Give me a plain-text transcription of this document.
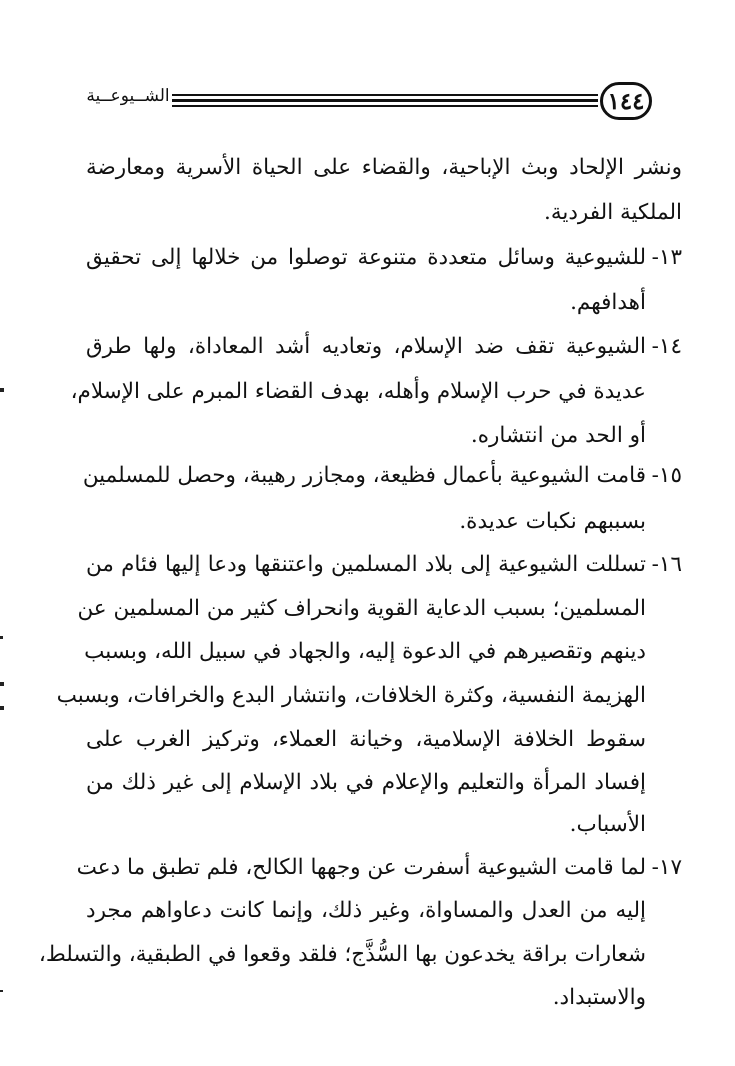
١٤٤
الشــيوعــية
ونشر الإلحاد وبث الإباحية، والقضاء على الحياة الأسرية ومعارضة
الملكية الفردية.
١٣-
للشيوعية وسائل متعددة متنوعة توصلوا من خلالها إلى تحقيق
أهدافهم.
١٤-
الشيوعية تقف ضد الإسلام، وتعاديه أشد المعاداة، ولها طرق
عديدة في حرب الإسلام وأهله، بهدف القضاء المبرم على الإسلام،
أو الحد من انتشاره.
١٥-
قامت الشيوعية بأعمال فظيعة، ومجازر رهيبة، وحصل للمسلمين
بسببهم نكبات عديدة.
١٦-
تسللت الشيوعية إلى بلاد المسلمين واعتنقها ودعا إليها فئام من
المسلمين؛ بسبب الدعاية القوية وانحراف كثير من المسلمين عن
دينهم وتقصيرهم في الدعوة إليه، والجهاد في سبيل الله، وبسبب
الهزيمة النفسية، وكثرة الخلافات، وانتشار البدع والخرافات، وبسبب
سقوط الخلافة الإسلامية، وخيانة العملاء، وتركيز الغرب على
إفساد المرأة والتعليم والإعلام في بلاد الإسلام إلى غير ذلك من
الأسباب.
١٧-
لما قامت الشيوعية أسفرت عن وجهها الكالح، فلم تطبق ما دعت
إليه من العدل والمساواة، وغير ذلك، وإنما كانت دعاواهم مجرد
شعارات براقة يخدعون بها السُّذَّج؛ فلقد وقعوا في الطبقية، والتسلط،
والاستبداد.
